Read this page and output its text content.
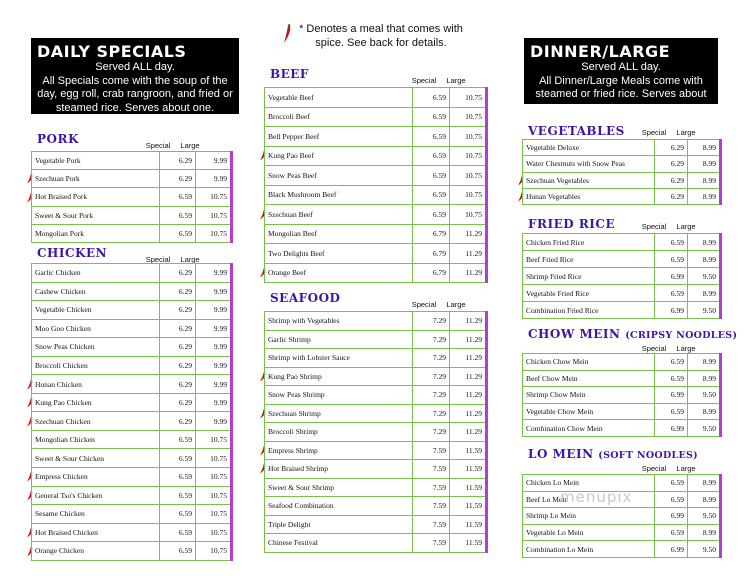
* Denotes a meal that comes with
spice. See back for details.
DAILY SPECIALS
Served ALL day.
All Specials come with the soup of the
day, egg roll, crab rangroon, and fried or
steamed rice. Serves about one.
DINNER/LARGE
Served ALL day.
All Dinner/Large Meals come with
steamed or fried rice. Serves about two.
PORK	Special	Large
Vegetable Pork	6.29	9.99
Szechuan Pork	6.29	9.99
Hot Braised Pork	6.59	10.75
Sweet & Sour Pork	6.59	10.75
Mongolian Pork	6.59	10.75
CHICKEN	Special	Large
Garlic Chicken	6.29	9.99
Cashew Chicken	6.29	9.99
Vegetable Chicken	6.29	9.99
Moo Goo Chicken	6.29	9.99
Snow Peas Chicken	6.29	9.99
Broccoli Chicken	6.29	9.99
Hunan Chicken	6.29	9.99
Kung Pao Chicken	6.29	9.99
Szechuan Chicken	6.29	9.99
Mongolian Chicken	6.59	10.75
Sweet & Sour Chicken	6.59	10.75
Empress Chicken	6.59	10.75
General Tso's Chicken	6.59	10.75
Sesame Chicken	6.59	10.75
Hot Braised Chicken	6.59	10.75
Orange Chicken	6.59	10.75
BEEF	Special	Large
Vegetable Beef	6.59	10.75
Broccoli Beef	6.59	10.75
Bell Pepper Beef	6.59	10.75
Kung Pao Beef	6.59	10.75
Snow Peas Beef	6.59	10.75
Black Mushroom Beef	6.59	10.75
Szechuan Beef	6.59	10.75
Mongolian Beef	6.79	11.29
Two Delights Beef	6.79	11.29
Orange Beef	6.79	11.29
SEAFOOD	Special	Large
Shrimp with Vegetables	7.29	11.29
Garlic Shrimp	7.29	11.29
Shrimp with Lobster Sauce	7.29	11.29
Kung Pao Shrimp	7.29	11.29
Snow Peas Shrimp	7.29	11.29
Szechuan Shrimp	7.29	11.29
Broccoli Shrimp	7.29	11.29
Empress Shrimp	7.59	11.59
Hot Braised Shrimp	7.59	11.59
Sweet & Sour Shrimp	7.59	11.59
Seafood Combination	7.59	11.59
Triple Delight	7.59	11.59
Chinese Festival	7.59	11.59
VEGETABLES	Special	Large
Vegetable Deluxe	6.29	8.99
Water Chestnuts with Snow Peas	6.29	8.99
Szechuan Vegetables	6.29	8.99
Hunan Vegetables	6.29	8.99
FRIED RICE	Special	Large
Chicken Fried Rice	6.59	8.99
Beef Fried Rice	6.59	8.99
Shrimp Fried Rice	6.99	9.50
Vegetable Fried Rice	6.59	8.99
Combination Fried Rice	6.99	9.50
CHOW MEIN (CRIPSY NOODLES)
Special	Large
Chicken Chow Mein	6.59	8.99
Beef Chow Mein	6.59	8.99
Shrimp Chow Mein	6.99	9.50
Vegetable Chow Mein	6.59	8.99
Combination Chow Mein	6.99	9.50
LO MEIN (SOFT NOODLES)
Special	Large
Chicken Lo Mein	6.59	8.99
Beef Lo Mein	6.59	8.99
Shrimp Lo Mein	6.99	9.50
Vegetable Lo Mein	6.59	8.99
Combination Lo Mein	6.99	9.50
menupix
